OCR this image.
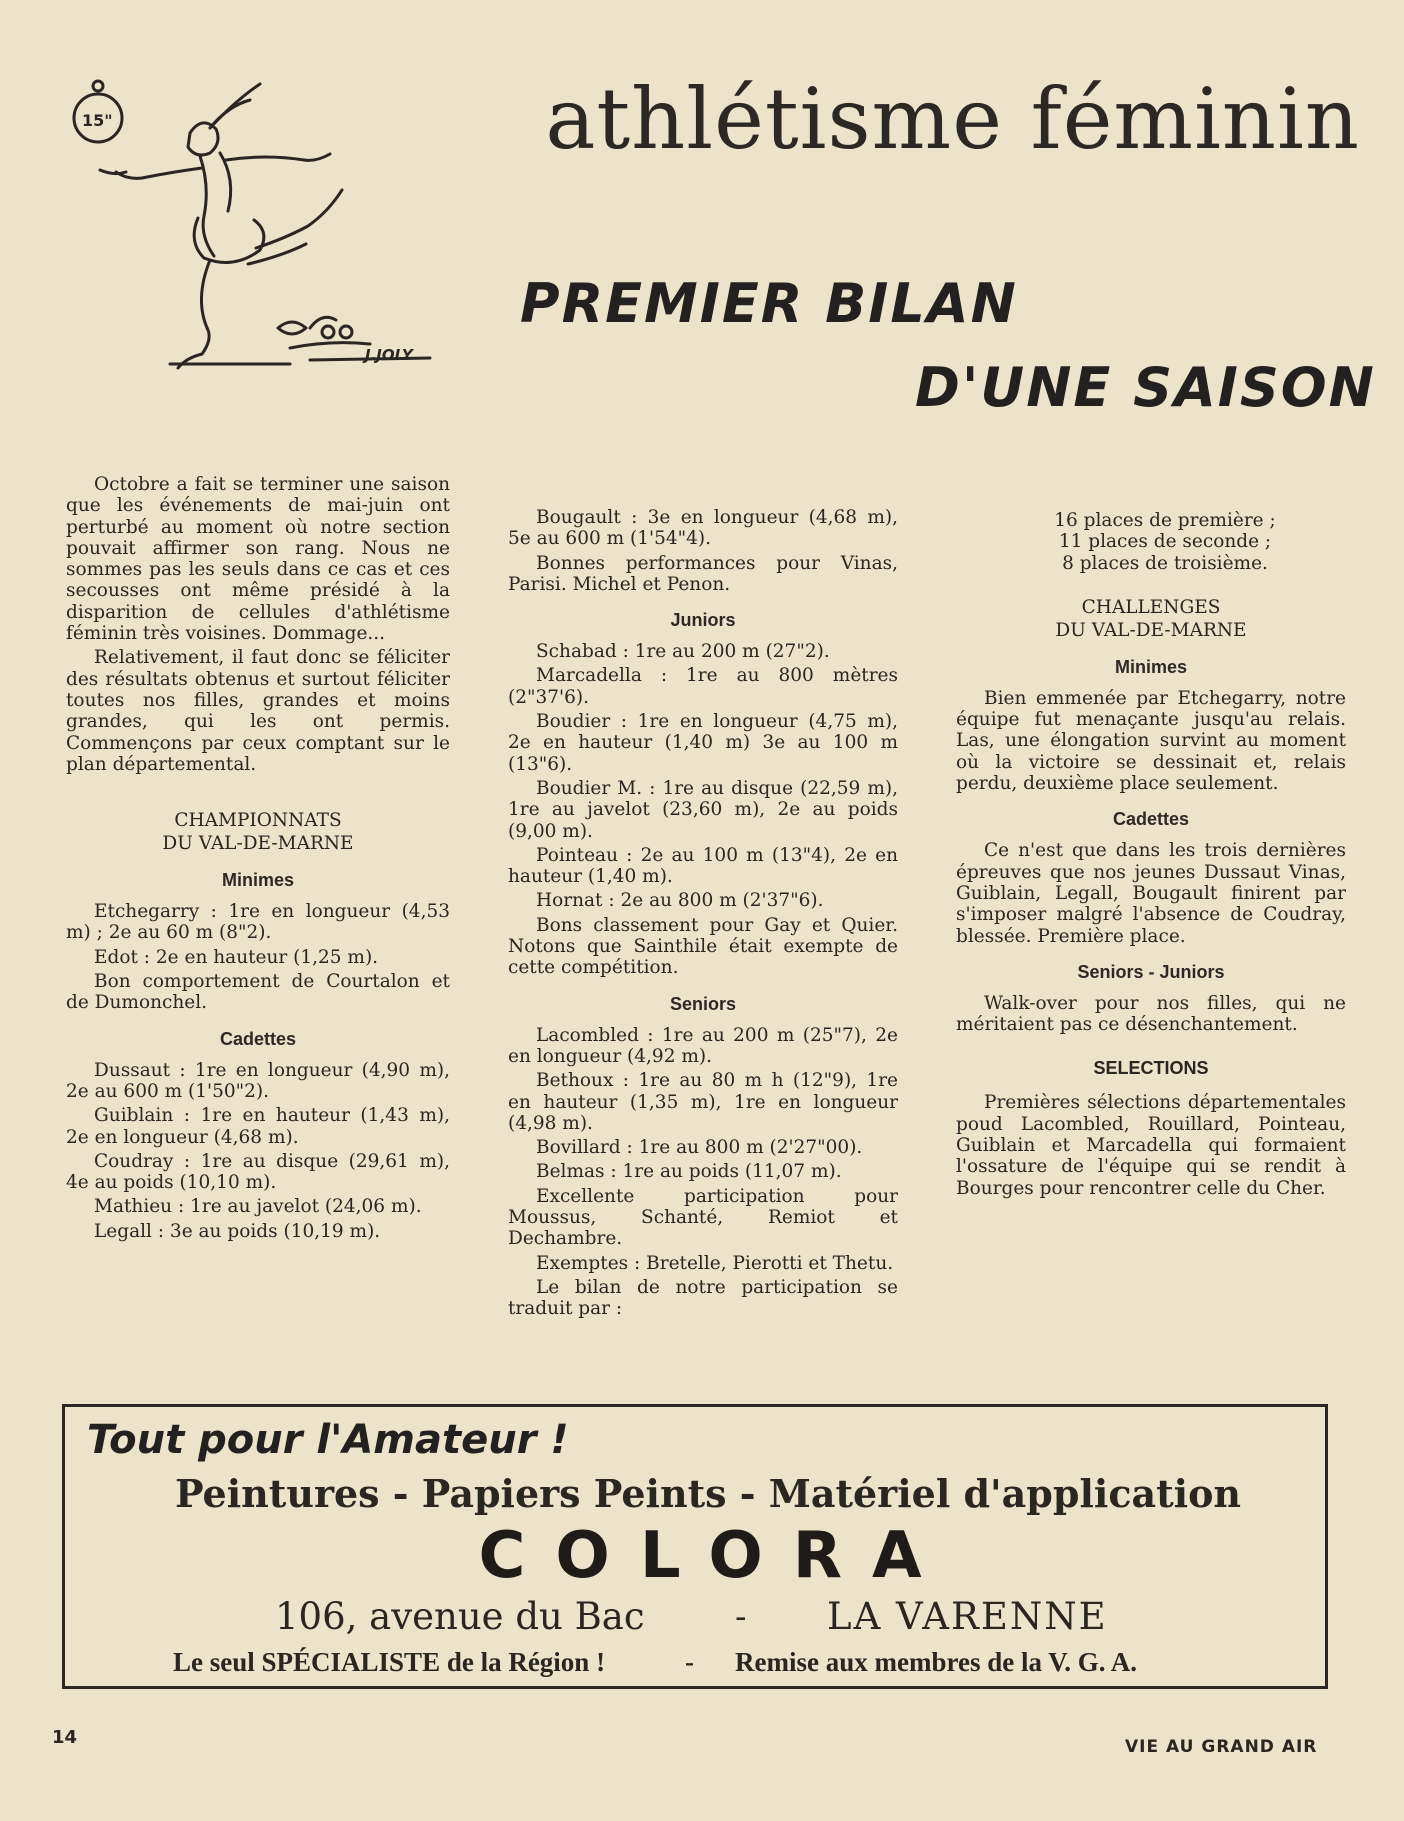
15"
J.JOLY
athlétisme féminin
PREMIER BILAN
D'UNE SAISON

Octobre a fait se terminer une saison que les événements de mai-juin ont perturbé au moment où notre section pouvait affirmer son rang. Nous ne sommes pas les seuls dans ce cas et ces secousses ont même présidé à la disparition de cellules d'athlétisme féminin très voisines. Dommage...

Relativement, il faut donc se féliciter des résultats obtenus et surtout féliciter toutes nos filles, grandes et moins grandes, qui les ont permis. Commençons par ceux comptant sur le plan départemental.

CHAMPIONNATS
DU VAL-DE-MARNE
Minimes

Etchegarry : 1re en longueur (4,53 m) ; 2e au 60 m (8"2).

Edot : 2e en hauteur (1,25 m).

Bon comportement de Courtalon et de Dumonchel.

Cadettes

Dussaut : 1re en longueur (4,90 m), 2e au 600 m (1'50"2).

Guiblain : 1re en hauteur (1,43 m), 2e en longueur (4,68 m).

Coudray : 1re au disque (29,61 m), 4e au poids (10,10 m).

Mathieu : 1re au javelot (24,06 m).

Legall : 3e au poids (10,19 m).

Bougault : 3e en longueur (4,68 m), 5e au 600 m (1'54"4).

Bonnes performances pour Vinas, Parisi. Michel et Penon.

Juniors

Schabad : 1re au 200 m (27"2).

Marcadella : 1re au 800 mètres (2"37'6).

Boudier : 1re en longueur (4,75 m), 2e en hauteur (1,40 m) 3e au 100 m (13"6).

Boudier M. : 1re au disque (22,59 m), 1re au javelot (23,60 m), 2e au poids (9,00 m).

Pointeau : 2e au 100 m (13"4), 2e en hauteur (1,40 m).

Hornat : 2e au 800 m (2'37"6).

Bons classement pour Gay et Quier. Notons que Sainthile était exempte de cette compétition.

Seniors

Lacombled : 1re au 200 m (25"7), 2e en longueur (4,92 m).

Bethoux : 1re au 80 m h (12"9), 1re en hauteur (1,35 m), 1re en longueur (4,98 m).

Bovillard : 1re au 800 m (2'27"00).

Belmas : 1re au poids (11,07 m).

Excellente participation pour Moussus, Schanté, Remiot et Dechambre.

Exemptes : Bretelle, Pierotti et Thetu.

Le bilan de notre participation se traduit par :

16 places de première ;

11 places de seconde ;

8 places de troisième.

CHALLENGES
DU VAL-DE-MARNE
Minimes

Bien emmenée par Etchegarry, notre équipe fut menaçante jusqu'au relais. Las, une élongation survint au moment où la victoire se dessinait et, relais perdu, deuxième place seulement.

Cadettes

Ce n'est que dans les trois dernières épreuves que nos jeunes Dussaut Vinas, Guiblain, Legall, Bougault finirent par s'imposer malgré l'absence de Coudray, blessée. Première place.

Seniors - Juniors

Walk-over pour nos filles, qui ne méritaient pas ce désenchantement.

SELECTIONS

Premières sélections départementales poud Lacombled, Rouillard, Pointeau, Guiblain et Marcadella qui formaient l'ossature de l'équipe qui se rendit à Bourges pour rencontrer celle du Cher.

Tout pour l'Amateur !
Peintures - Papiers Peints - Matériel d'application
COLORA
106, avenue du Bac	- LA VARENNE
Le seul SPÉCIALISTE de la Région !	- Remise aux membres de la V. G. A.
14	VIE AU GRAND AIR
